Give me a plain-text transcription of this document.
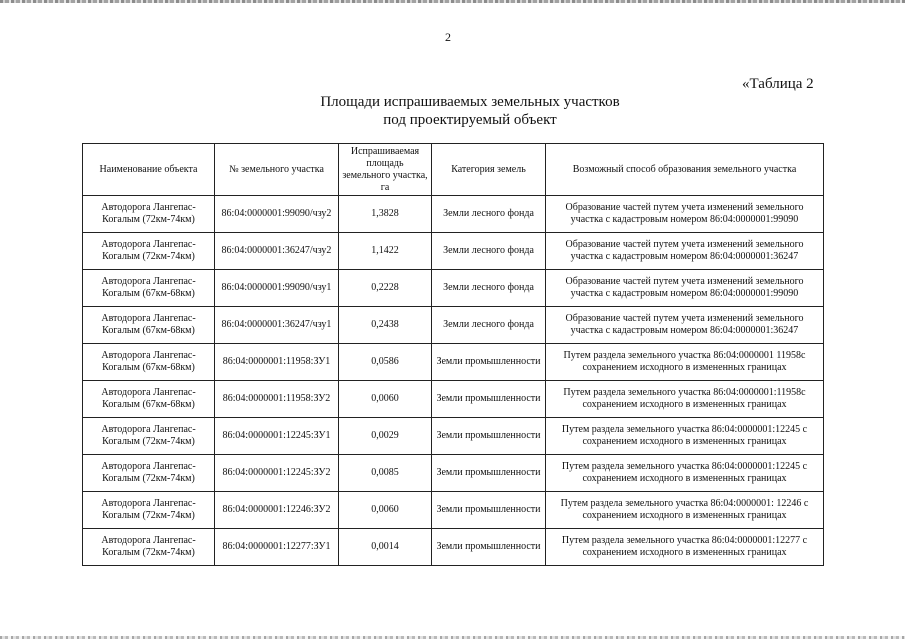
2
«Таблица 2
Площади испрашиваемых земельных участков
под проектируемый объект
Наименование объекта	№ земельного участка	Испрашиваемая площадь земельного участка, га	Категория земель	Возможный способ образования земельного участка
Автодорога Лангепас-Когалым (72км-74км)	86:04:0000001:99090/чзу2	1,3828	Земли лесного фонда	Образование частей путем учета изменений земельного участка с кадастровым номером 86:04:0000001:99090
Автодорога Лангепас-Когалым (72км-74км)	86:04:0000001:36247/чзу2	1,1422	Земли лесного фонда	Образование частей путем учета изменений земельного участка с кадастровым номером 86:04:0000001:36247
Автодорога Лангепас-Когалым (67км-68км)	86:04:0000001:99090/чзу1	0,2228	Земли лесного фонда	Образование частей путем учета изменений земельного участка с кадастровым номером 86:04:0000001:99090
Автодорога Лангепас-Когалым (67км-68км)	86:04:0000001:36247/чзу1	0,2438	Земли лесного фонда	Образование частей путем учета изменений земельного участка с кадастровым номером 86:04:0000001:36247
Автодорога Лангепас-Когалым (67км-68км)	86:04:0000001:11958:ЗУ1	0,0586	Земли промышленности	Путем раздела земельного участка 86:04:0000001 11958с сохранением исходного в измененных границах
Автодорога Лангепас-Когалым (67км-68км)	86:04:0000001:11958:ЗУ2	0,0060	Земли промышленности	Путем раздела земельного участка 86:04:0000001:11958с сохранением исходного в измененных границах
Автодорога Лангепас-Когалым (72км-74км)	86:04:0000001:12245:ЗУ1	0,0029	Земли промышленности	Путем раздела земельного участка 86:04:0000001:12245 с сохранением исходного в измененных границах
Автодорога Лангепас-Когалым (72км-74км)	86:04:0000001:12245:ЗУ2	0,0085	Земли промышленности	Путем раздела земельного участка 86:04:0000001:12245 с сохранением исходного в измененных границах
Автодорога Лангепас-Когалым (72км-74км)	86:04:0000001:12246:ЗУ2	0,0060	Земли промышленности	Путем раздела земельного участка 86:04:0000001: 12246 с сохранением исходного в измененных границах
Автодорога Лангепас-Когалым (72км-74км)	86:04:0000001:12277:ЗУ1	0,0014	Земли промышленности	Путем раздела земельного участка 86:04:0000001:12277 с сохранением исходного в измененных границах
